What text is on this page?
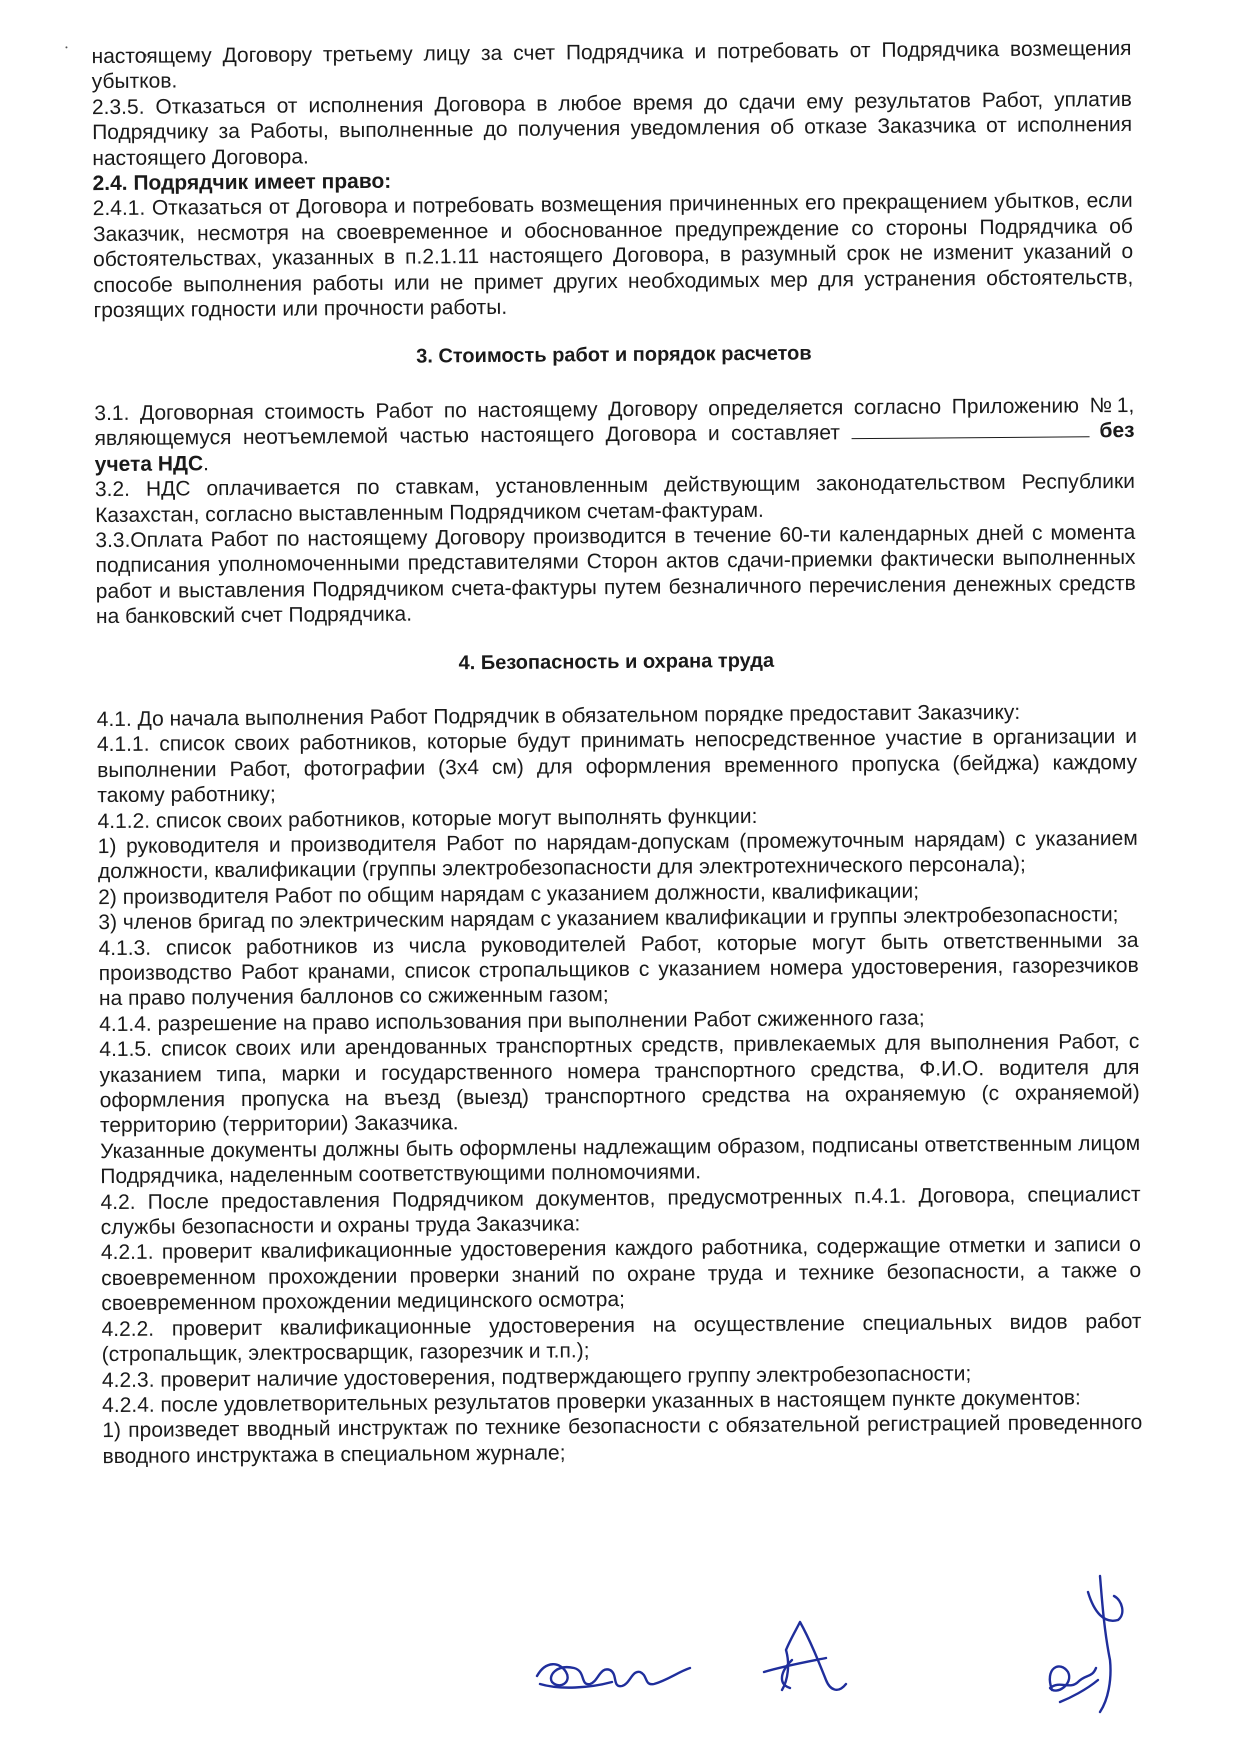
настоящему Договору третьему лицу за счет Подрядчика и потребовать от Подрядчика возмещения убытков.

2.3.5. Отказаться от исполнения Договора в любое время до сдачи ему результатов Работ, уплатив Подрядчику за Работы, выполненные до получения уведомления об отказе Заказчика от исполнения настоящего Договора.

2.4. Подрядчик имеет право:

2.4.1. Отказаться от Договора и потребовать возмещения причиненных его прекращением убытков, если Заказчик, несмотря на своевременное и обоснованное предупреждение со стороны Подрядчика об обстоятельствах, указанных в п.2.1.11 настоящего Договора, в разумный срок не изменит указаний о способе выполнения работы или не примет других необходимых мер для устранения обстоятельств, грозящих годности или прочности работы.

3. Стоимость работ и порядок расчетов

3.1. Договорная стоимость Работ по настоящему Договору определяется согласно Приложению №1, являющемуся неотъемлемой частью настоящего Договора и составляет	без учета НДС.

3.2. НДС оплачивается по ставкам, установленным действующим законодательством Республики Казахстан, согласно выставленным Подрядчиком счетам-фактурам.

3.3.Оплата Работ по настоящему Договору производится в течение 60-ти календарных дней с момента подписания уполномоченными представителями Сторон актов сдачи-приемки фактически выполненных работ и выставления Подрядчиком счета-фактуры путем безналичного перечисления денежных средств на банковский счет Подрядчика.

4. Безопасность и охрана труда

4.1. До начала выполнения Работ Подрядчик в обязательном порядке предоставит Заказчику:

4.1.1. список своих работников, которые будут принимать непосредственное участие в организации и выполнении Работ, фотографии (3х4 см) для оформления временного пропуска (бейджа) каждому такому работнику;

4.1.2. список своих работников, которые могут выполнять функции:

1) руководителя и производителя Работ по нарядам-допускам (промежуточным нарядам) с указанием должности, квалификации (группы электробезопасности для электротехнического персонала);

2) производителя Работ по общим нарядам с указанием должности, квалификации;

3) членов бригад по электрическим нарядам с указанием квалификации и группы электробезопасности;

4.1.3. список работников из числа руководителей Работ, которые могут быть ответственными за производство Работ кранами, список стропальщиков с указанием номера удостоверения, газорезчиков на право получения баллонов со сжиженным газом;

4.1.4. разрешение на право использования при выполнении Работ сжиженного газа;

4.1.5. список своих или арендованных транспортных средств, привлекаемых для выполнения Работ, с указанием типа, марки и государственного номера транспортного средства, Ф.И.О. водителя для оформления пропуска на въезд (выезд) транспортного средства на охраняемую (с охраняемой) территорию (территории) Заказчика.

Указанные документы должны быть оформлены надлежащим образом, подписаны ответственным лицом Подрядчика, наделенным соответствующими полномочиями.

4.2. После предоставления Подрядчиком документов, предусмотренных п.4.1. Договора, специалист службы безопасности и охраны труда Заказчика:

4.2.1. проверит квалификационные удостоверения каждого работника, содержащие отметки и записи о своевременном прохождении проверки знаний по охране труда и технике безопасности, а также о своевременном прохождении медицинского осмотра;

4.2.2. проверит квалификационные удостоверения на осуществление специальных видов работ (стропальщик, электросварщик, газорезчик и т.п.);

4.2.3. проверит наличие удостоверения, подтверждающего группу электробезопасности;

4.2.4. после удовлетворительных результатов проверки указанных в настоящем пункте документов:

1) произведет вводный инструктаж по технике безопасности с обязательной регистрацией проведенного вводного инструктажа в специальном журнале;
